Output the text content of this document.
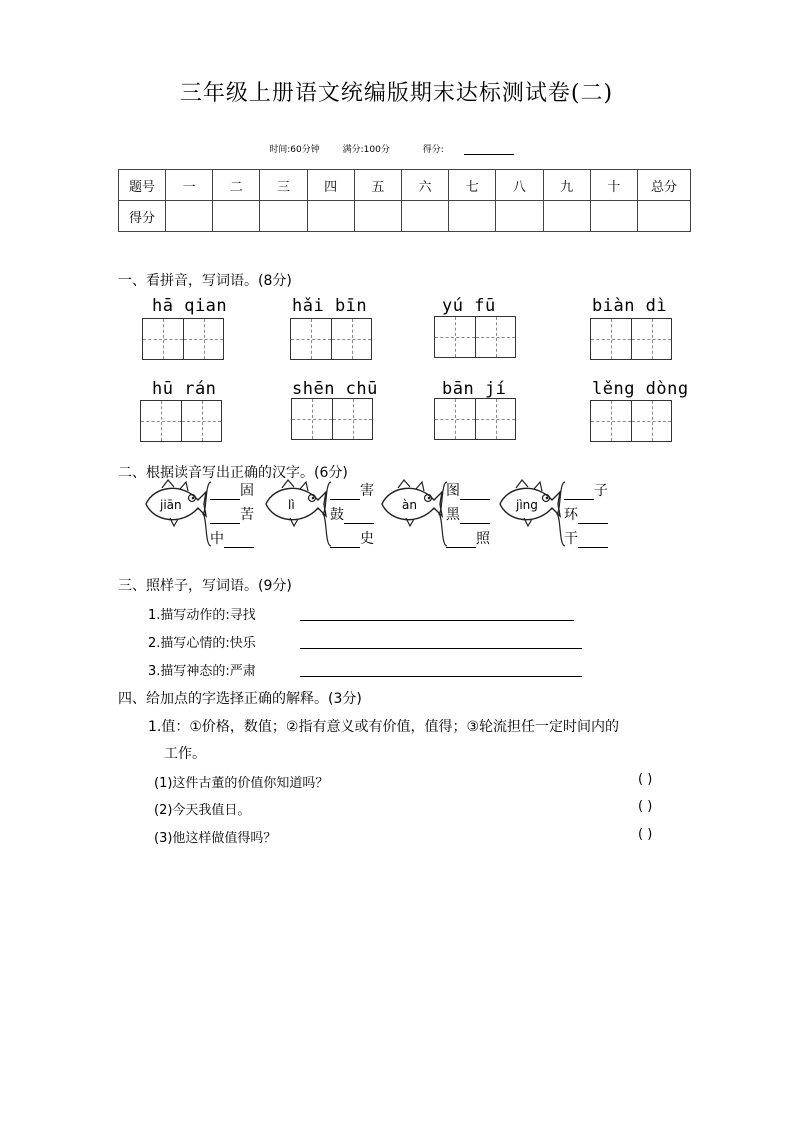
三年级上册语文统编版期末达标测试卷(二)
时间:60分钟	满分:100分	得分:
题号	一	二	三	四	五	六	七	八	九	十	总分
得分											
一、看拼音，写词语。(8分)
hā qian	hǎi bīn	yú fū	biàn dì
hū rán	shēn chū	bān jí	lěng dòng
二、根据读音写出正确的汉字。(6分)
jiān
固
苦
中
lì
害
鼓
史
àn
图
黑
照
jìng
子
环
干
三、照样子，写词语。(9分)
1.描写动作的:寻找
2.描写心情的:快乐
3.描写神态的:严肃
四、给加点的字选择正确的解释。(3分)
1.值：①价格，数值；②指有意义或有价值，值得；③轮流担任一定时间内的
工作。
(1)这件古董的价值你知道吗？	( )
(2)今天我值日。	( )
(3)他这样做值得吗？	( )
